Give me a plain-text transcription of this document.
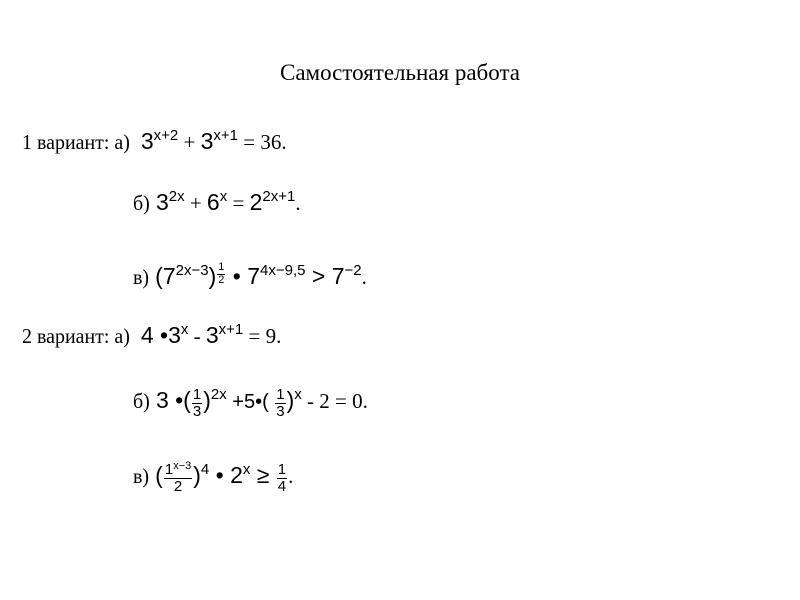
Самостоятельная работа
1 вариант: а) $3^{x+2} + 3^{x+1} = 36$.
б) $3^{2x} + 6^x = 2^{2x+1}$.
в) $(7^{2x-3}) \frac{1}{2}$ • $7^{4x-9,5} > 7^{-2}$.
2 вариант: а) 4 •3$^x$ - $3^{x+1} = 9$.
б) 3 •( $\frac{1}{3} )^{2x}$ +5•( $\frac{1}{3} )^x - 2 = 0$.
в) ( $\frac{1^{x-3}}{2} )^4$ • $2^x \ge \frac{1}{4}$ .
